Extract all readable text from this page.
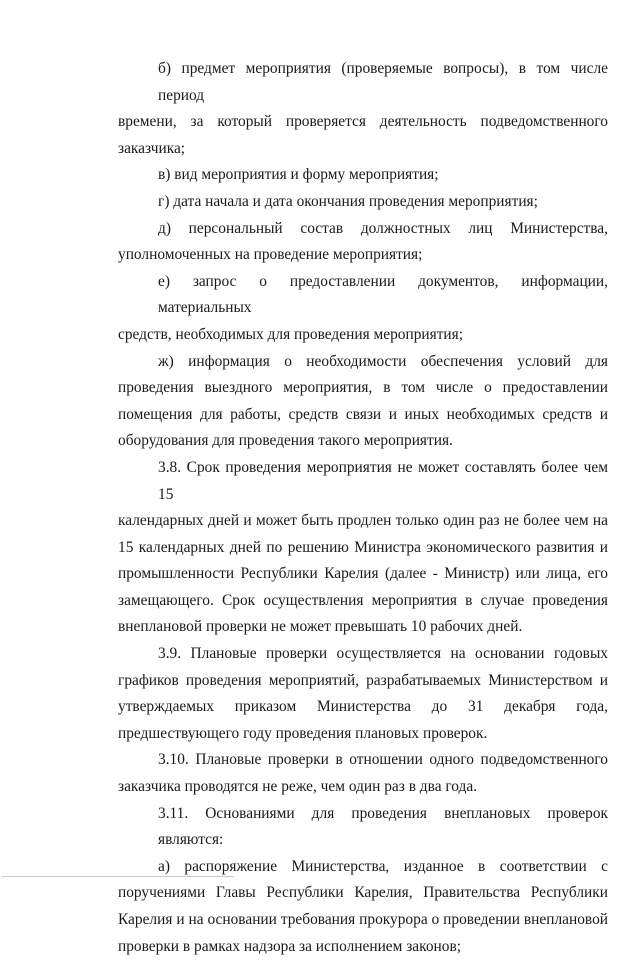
б) предмет мероприятия (проверяемые вопросы), в том числе период
времени, за который проверяется деятельность подведомственного
заказчика;

в) вид мероприятия и форму мероприятия;

г) дата начала и дата окончания проведения мероприятия;

д) персональный состав должностных лиц Министерства,
уполномоченных на проведение мероприятия;

е) запрос о предоставлении документов, информации, материальных
средств, необходимых для проведения мероприятия;

ж) информация о необходимости обеспечения условий для
проведения выездного мероприятия, в том числе о предоставлении
помещения для работы, средств связи и иных необходимых средств и
оборудования для проведения такого мероприятия.

3.8. Срок проведения мероприятия не может составлять более чем 15
календарных дней и может быть продлен только один раз не более чем на
15 календарных дней по решению Министра экономического развития и
промышленности Республики Карелия (далее - Министр) или лица, его
замещающего. Срок осуществления мероприятия в случае проведения
внеплановой проверки не может превышать 10 рабочих дней.

3.9. Плановые проверки осуществляется на основании годовых
графиков проведения мероприятий, разрабатываемых Министерством и
утверждаемых приказом Министерства до 31 декабря года,
предшествующего году проведения плановых проверок.

3.10. Плановые проверки в отношении одного подведомственного
заказчика проводятся не реже, чем один раз в два года.

3.11. Основаниями для проведения внеплановых проверок являются:

а) распоряжение Министерства, изданное в соответствии с
поручениями Главы Республики Карелия, Правительства Республики
Карелия и на основании требования прокурора о проведении внеплановой
проверки в рамках надзора за исполнением законов;
